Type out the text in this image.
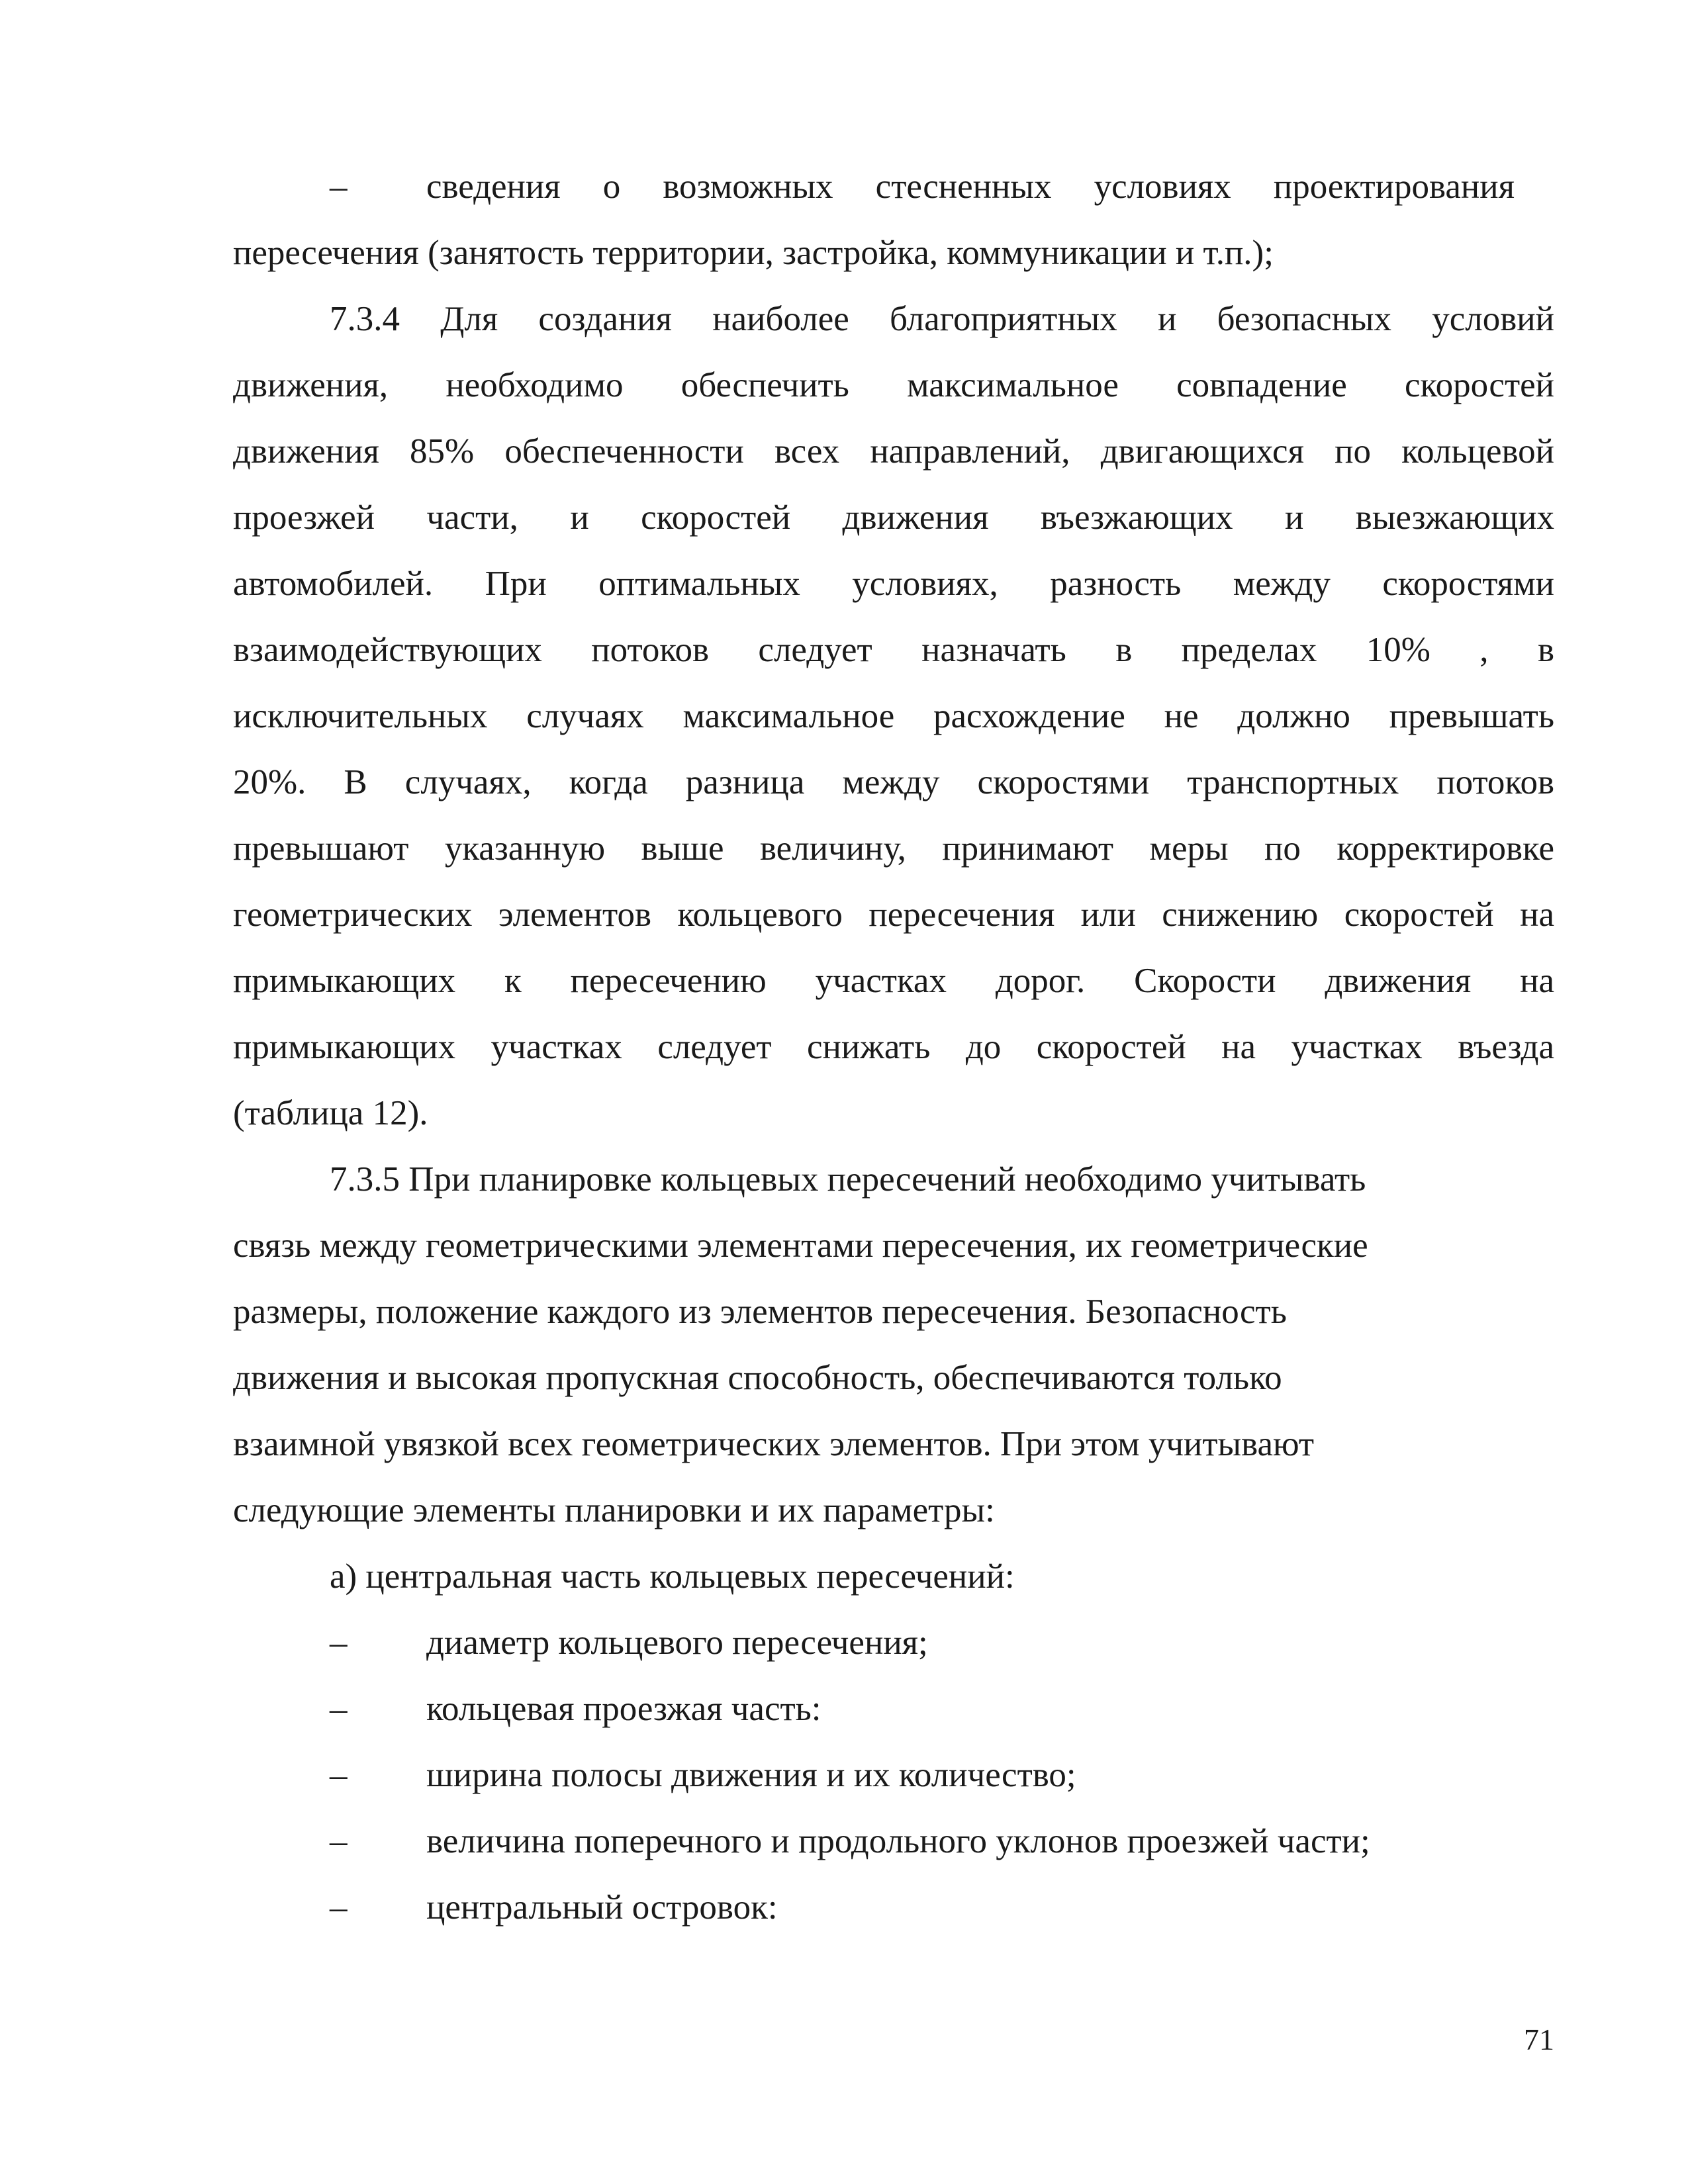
– сведения о возможных стесненных условиях проектирования
пересечения (занятость территории, застройка, коммуникации и т.п.);
7.3.4 Для создания наиболее благоприятных и безопасных условий
движения, необходимо обеспечить максимальное совпадение скоростей
движения 85% обеспеченности всех направлений, двигающихся по кольцевой
проезжей части, и скоростей движения въезжающих и выезжающих
автомобилей. При оптимальных условиях, разность между скоростями
взаимодействующих потоков следует назначать в пределах 10% , в
исключительных случаях максимальное расхождение не должно превышать
20%. В случаях, когда разница между скоростями транспортных потоков
превышают указанную выше величину, принимают меры по корректировке
геометрических элементов кольцевого пересечения или снижению скоростей на
примыкающих к пересечению участках дорог. Скорости движения на
примыкающих участках следует снижать до скоростей на участках въезда
(таблица 12).
7.3.5 При планировке кольцевых пересечений необходимо учитывать
связь между геометрическими элементами пересечения, их геометрические
размеры, положение каждого из элементов пересечения. Безопасность
движения и высокая пропускная способность, обеспечиваются только
взаимной увязкой всех геометрических элементов. При этом учитывают
следующие элементы планировки и их параметры:
а) центральная часть кольцевых пересечений:
– диаметр кольцевого пересечения;
– кольцевая проезжая часть:
– ширина полосы движения и их количество;
– величина поперечного и продольного уклонов проезжей части;
– центральный островок:
71
